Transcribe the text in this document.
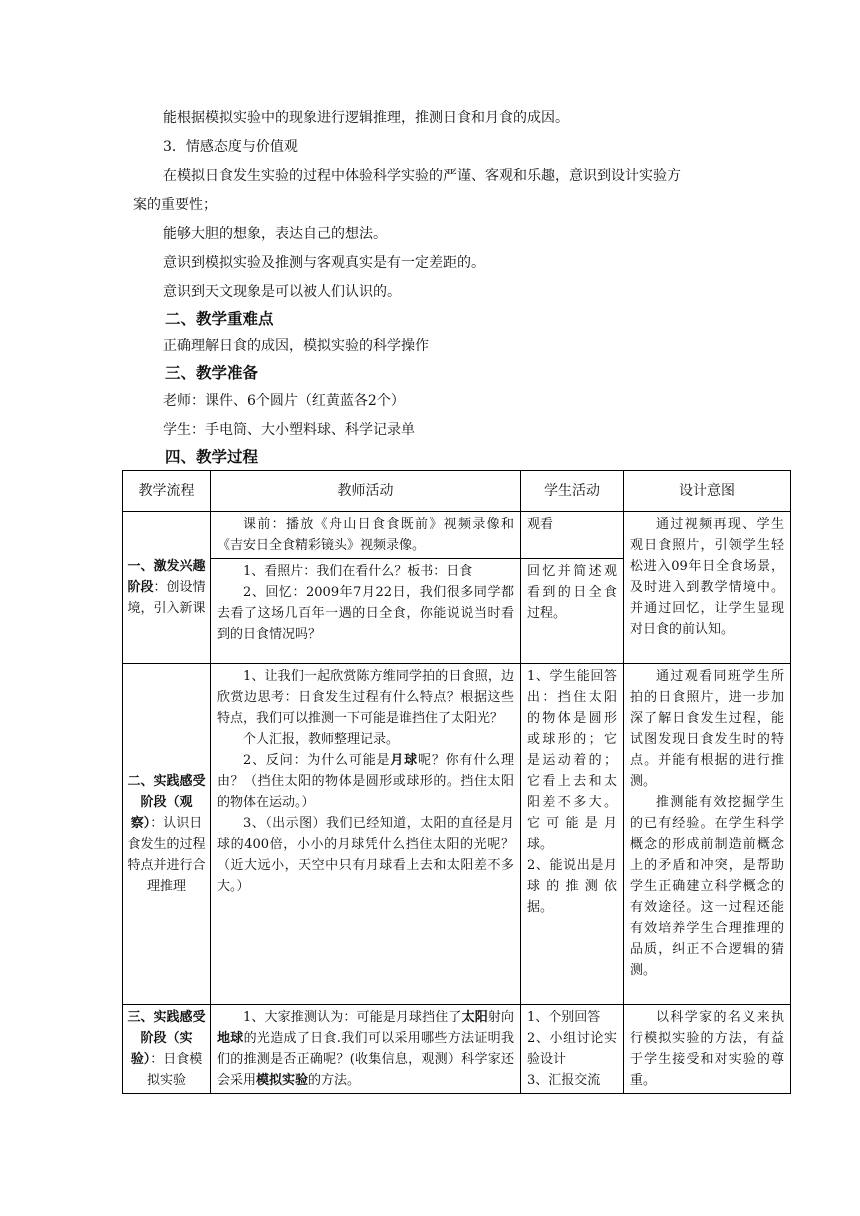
能根据模拟实验中的现象进行逻辑推理，推测日食和月食的成因。
3．情感态度与价值观
在模拟日食发生实验的过程中体验科学实验的严谨、客观和乐趣，意识到设计实验方
案的重要性；
能够大胆的想象，表达自己的想法。
意识到模拟实验及推测与客观真实是有一定差距的。
意识到天文现象是可以被人们认识的。
二、教学重难点
正确理解日食的成因，模拟实验的科学操作
三、教学准备
老师：课件、6个圆片（红黄蓝各2个）
学生：手电筒、大小塑料球、科学记录单
四、教学过程
教学流程	教师活动	学生活动	设计意图
一、激发兴趣阶段：创设情境，引入新课	课前：播放《舟山日食食既前》视频录像和《吉安日全食精彩镜头》视频录像。	观看	通过视频再现、学生观日食照片，引领学生轻松进入09年日全食场景，及时进入到教学情境中。并通过回忆，让学生显现对日食的前认知。

	1、看照片：我们在看什么？板书：日食
2、回忆：2009年7月22日，我们很多同学都去看了这场几百年一遇的日全食，你能说说当时看到的日食情况吗？	回忆并简述观看到的日全食过程。	

二、实践感受阶段（观察）：认识日食发生的过程特点并进行合理推理	1、让我们一起欣赏陈方维同学拍的日食照，边欣赏边思考：日食发生过程有什么特点？根据这些特点，我们可以推测一下可能是谁挡住了太阳光？
个人汇报，教师整理记录。
2、反问：为什么可能是月球呢？你有什么理由？（挡住太阳的物体是圆形或球形的。挡住太阳的物体在运动。）
3、（出示图）我们已经知道，太阳的直径是月球的400倍，小小的月球凭什么挡住太阳的光呢？（近大远小，天空中只有月球看上去和太阳差不多大。）	1、学生能回答出：挡住太阳的物体是圆形或球形的；它是运动着的；它看上去和太阳差不多大。它可能是月球。
2、能说出是月球的推测依据。	通过观看同班学生所拍的日食照片，进一步加深了解日食发生过程，能试图发现日食发生时的特点。并能有根据的进行推测。
推测能有效挖掘学生的已有经验。在学生科学概念的形成前制造前概念上的矛盾和冲突，是帮助学生正确建立科学概念的有效途径。这一过程还能有效培养学生合理推理的品质，纠正不合逻辑的猜测。

三、实践感受阶段（实验）：日食模拟实验	1、大家推测认为：可能是月球挡住了太阳射向地球的光造成了日食.我们可以采用哪些方法证明我们的推测是否正确呢？(收集信息，观测）科学家还会采用模拟实验的方法。	1、个别回答
2、小组讨论实验设计
3、汇报交流	以科学家的名义来执行模拟实验的方法，有益于学生接受和对实验的尊重。
